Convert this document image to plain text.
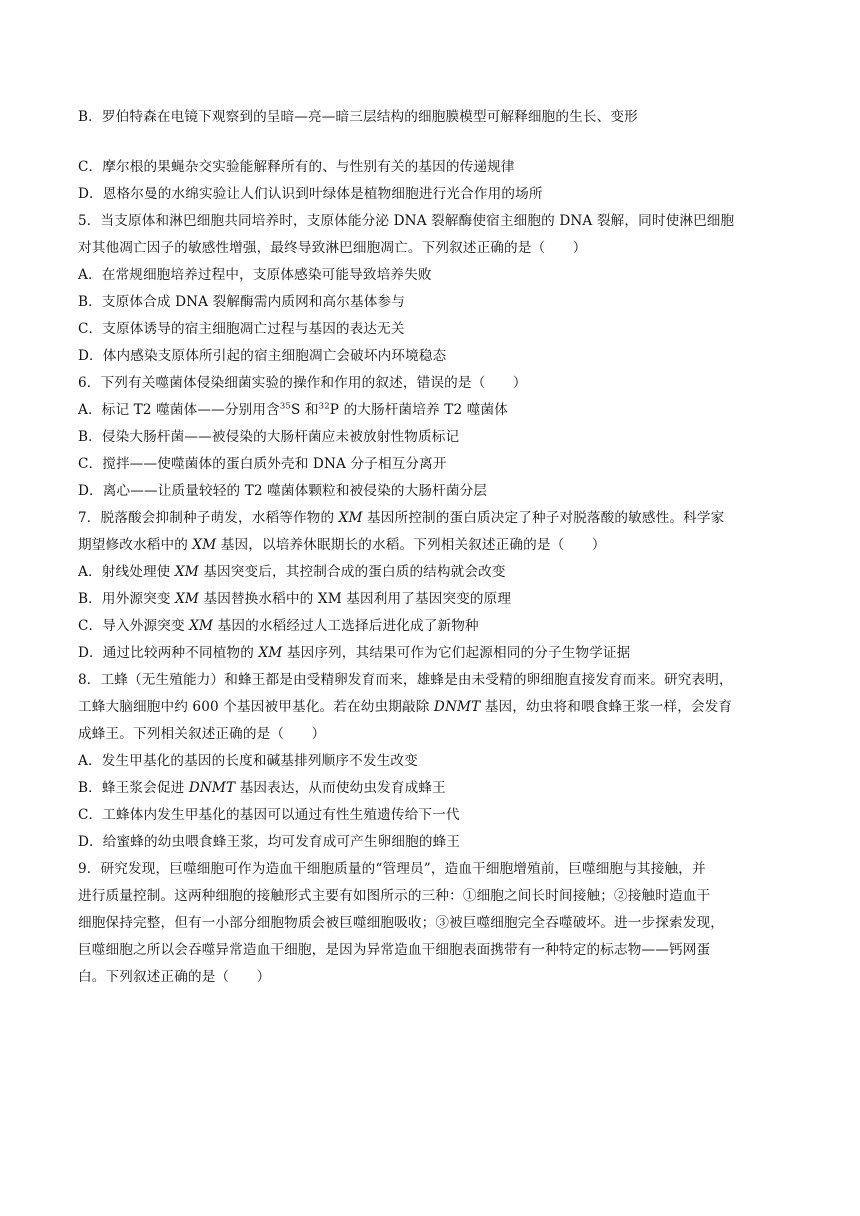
B．罗伯特森在电镜下观察到的呈暗—亮—暗三层结构的细胞膜模型可解释细胞的生长、变形
C．摩尔根的果蝇杂交实验能解释所有的、与性别有关的基因的传递规律
D．恩格尔曼的水绵实验让人们认识到叶绿体是植物细胞进行光合作用的场所
5．当支原体和淋巴细胞共同培养时，支原体能分泌 DNA 裂解酶使宿主细胞的 DNA 裂解，同时使淋巴细胞
对其他凋亡因子的敏感性增强，最终导致淋巴细胞凋亡。下列叙述正确的是（　　）
A．在常规细胞培养过程中，支原体感染可能导致培养失败
B．支原体合成 DNA 裂解酶需内质网和高尔基体参与
C．支原体诱导的宿主细胞凋亡过程与基因的表达无关
D．体内感染支原体所引起的宿主细胞凋亡会破坏内环境稳态
6．下列有关噬菌体侵染细菌实验的操作和作用的叙述，错误的是（　　）
A．标记 T2 噬菌体——分别用含$^{35}$S 和$^{32}$P 的大肠杆菌培养 T2 噬菌体
B．侵染大肠杆菌——被侵染的大肠杆菌应未被放射性物质标记
C．搅拌——使噬菌体的蛋白质外壳和 DNA 分子相互分离开
D．离心——让质量较轻的 T2 噬菌体颗粒和被侵染的大肠杆菌分层
7．脱落酸会抑制种子萌发，水稻等作物的 XM 基因所控制的蛋白质决定了种子对脱落酸的敏感性。科学家
期望修改水稻中的 XM 基因，以培养休眠期长的水稻。下列相关叙述正确的是（　　）
A．射线处理使 XM 基因突变后，其控制合成的蛋白质的结构就会改变
B．用外源突变 XM 基因替换水稻中的 XM 基因利用了基因突变的原理
C．导入外源突变 XM 基因的水稻经过人工选择后进化成了新物种
D．通过比较两种不同植物的 XM 基因序列，其结果可作为它们起源相同的分子生物学证据
8．工蜂（无生殖能力）和蜂王都是由受精卵发育而来，雄蜂是由未受精的卵细胞直接发育而来。研究表明，
工蜂大脑细胞中约 600 个基因被甲基化。若在幼虫期敲除 DNMT 基因，幼虫将和喂食蜂王浆一样，会发育
成蜂王。下列相关叙述正确的是（　　）
A．发生甲基化的基因的长度和碱基排列顺序不发生改变
B．蜂王浆会促进 DNMT 基因表达，从而使幼虫发育成蜂王
C．工蜂体内发生甲基化的基因可以通过有性生殖遗传给下一代
D．给蜜蜂的幼虫喂食蜂王浆，均可发育成可产生卵细胞的蜂王
9．研究发现，巨噬细胞可作为造血干细胞质量的“管理员”，造血干细胞增殖前，巨噬细胞与其接触，并
进行质量控制。这两种细胞的接触形式主要有如图所示的三种：①细胞之间长时间接触；②接触时造血干
细胞保持完整，但有一小部分细胞物质会被巨噬细胞吸收；③被巨噬细胞完全吞噬破坏。进一步探索发现，
巨噬细胞之所以会吞噬异常造血干细胞，是因为异常造血干细胞表面携带有一种特定的标志物——钙网蛋
白。下列叙述正确的是（　　）
